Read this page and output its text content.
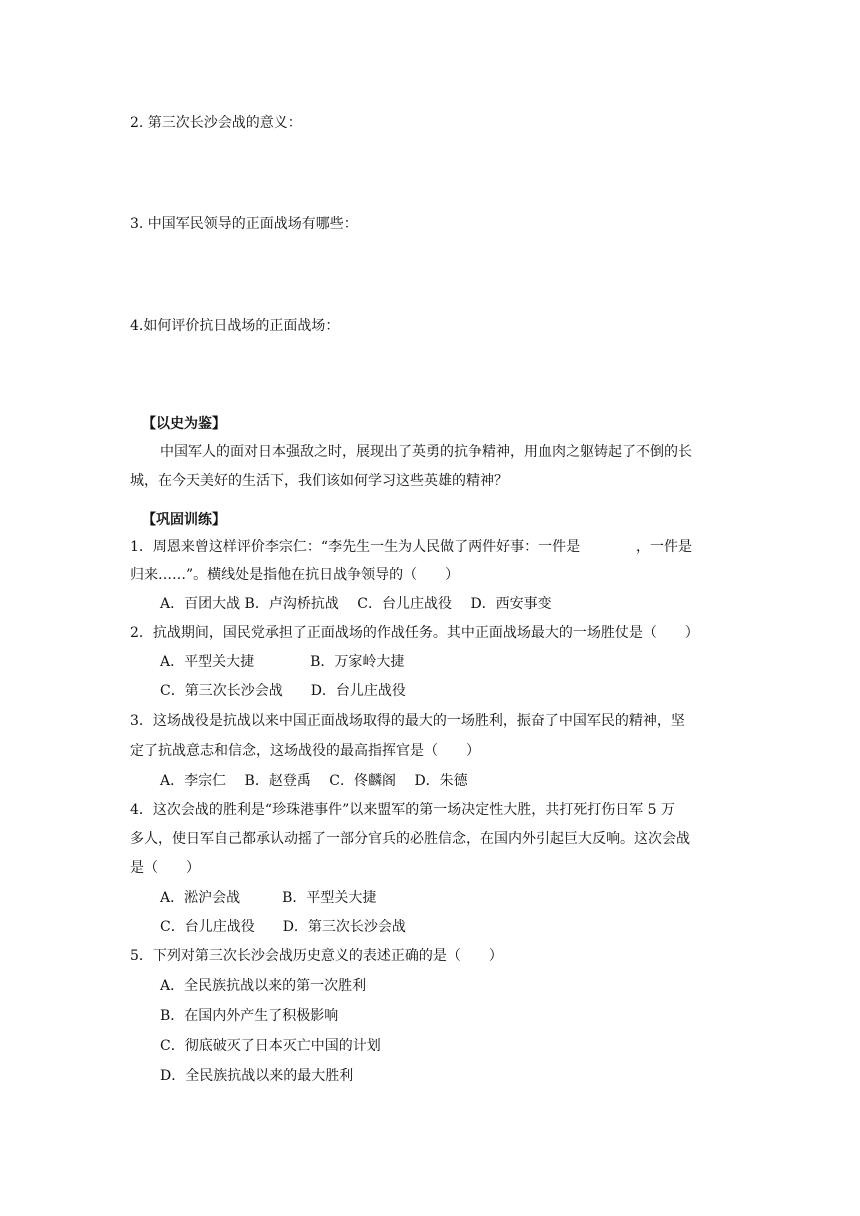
2. 第三次长沙会战的意义：
3. 中国军民领导的正面战场有哪些：
4.如何评价抗日战场的正面战场：
【以史为鉴】
中国军人的面对日本强敌之时，展现出了英勇的抗争精神，用血肉之躯铸起了不倒的长
城，在今天美好的生活下，我们该如何学习这些英雄的精神？
【巩固训练】
1．周恩来曾这样评价李宗仁：“李先生一生为人民做了两件好事：一件是　　　　，一件是
归来……”。横线处是指他在抗日战争领导的（　　）
A．百团大战 B．卢沟桥抗战　 C．台儿庄战役　 D．西安事变
2．抗战期间，国民党承担了正面战场的作战任务。其中正面战场最大的一场胜仗是（　　）
A．平型关大捷　　　　B．万家岭大捷
C．第三次长沙会战　　D．台儿庄战役
3．这场战役是抗战以来中国正面战场取得的最大的一场胜利，振奋了中国军民的精神，坚
定了抗战意志和信念，这场战役的最高指挥官是（　　）
A．李宗仁　 B．赵登禹　 C．佟麟阁　 D．朱德
4．这次会战的胜利是“珍珠港事件”以来盟军的第一场决定性大胜，共打死打伤日军 5 万
多人，使日军自己都承认动摇了一部分官兵的必胜信念，在国内外引起巨大反响。这次会战
是（　　）
A．淞沪会战　　　B．平型关大捷
C．台儿庄战役　　D．第三次长沙会战
5．下列对第三次长沙会战历史意义的表述正确的是（　　）
A．全民族抗战以来的第一次胜利
B．在国内外产生了积极影响
C．彻底破灭了日本灭亡中国的计划
D．全民族抗战以来的最大胜利
